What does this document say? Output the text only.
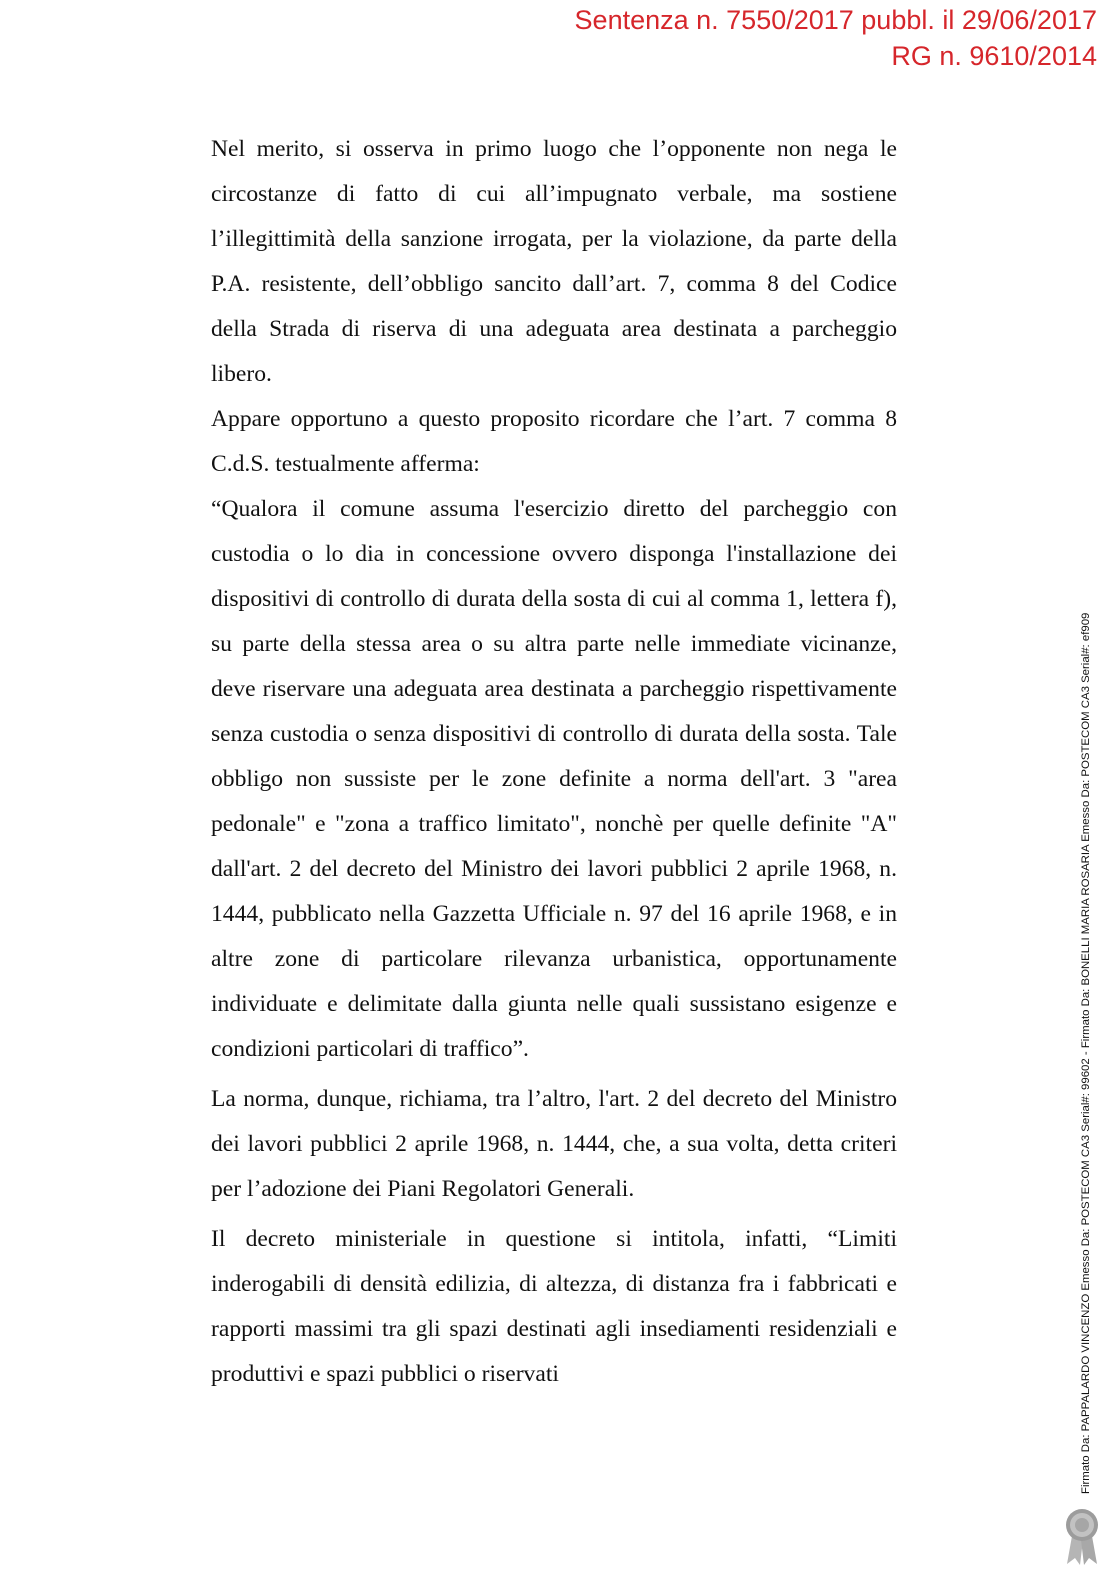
Sentenza n. 7550/2017 pubbl. il 29/06/2017
RG n. 9610/2014

Nel merito, si osserva in primo luogo che l’opponente non nega le circostanze di fatto di cui all’impugnato verbale, ma sostiene l’illegittimità della sanzione irrogata, per la violazione, da parte della P.A. resistente, dell’obbligo sancito dall’art. 7, comma 8 del Codice della Strada di riserva di una adeguata area destinata a parcheggio libero.

Appare opportuno a questo proposito ricordare che l’art. 7 comma 8 C.d.S. testualmente afferma:

“Qualora il comune assuma l'esercizio diretto del parcheggio con custodia o lo dia in concessione ovvero disponga l'installazione dei dispositivi di controllo di durata della sosta di cui al comma 1, lettera f), su parte della stessa area o su altra parte nelle immediate vicinanze, deve riservare una adeguata area destinata a parcheggio rispettivamente senza custodia o senza dispositivi di controllo di durata della sosta. Tale obbligo non sussiste per le zone definite a norma dell'art. 3 "area pedonale" e "zona a traffico limitato", nonchè per quelle definite "A" dall'art. 2 del decreto del Ministro dei lavori pubblici 2 aprile 1968, n. 1444, pubblicato nella Gazzetta Ufficiale n. 97 del 16 aprile 1968, e in altre zone di particolare rilevanza urbanistica, opportunamente individuate e delimitate dalla giunta nelle quali sussistano esigenze e condizioni particolari di traffico”.

La norma, dunque, richiama, tra l’altro, l'art. 2 del decreto del Ministro dei lavori pubblici 2 aprile 1968, n. 1444, che, a sua volta, detta criteri per l’adozione dei Piani Regolatori Generali.

Il decreto ministeriale in questione si intitola, infatti, “Limiti inderogabili di densità edilizia, di altezza, di distanza fra i fabbricati e rapporti massimi tra gli spazi destinati agli insediamenti residenziali e produttivi e spazi pubblici o riservati	Firmato Da: PAPPALARDO VINCENZO Emesso Da: POSTECOM CA3 Serial#: 99602 - Firmato Da: BONELLI MARIA ROSARIA Emesso Da: POSTECOM CA3 Serial#: ef909
